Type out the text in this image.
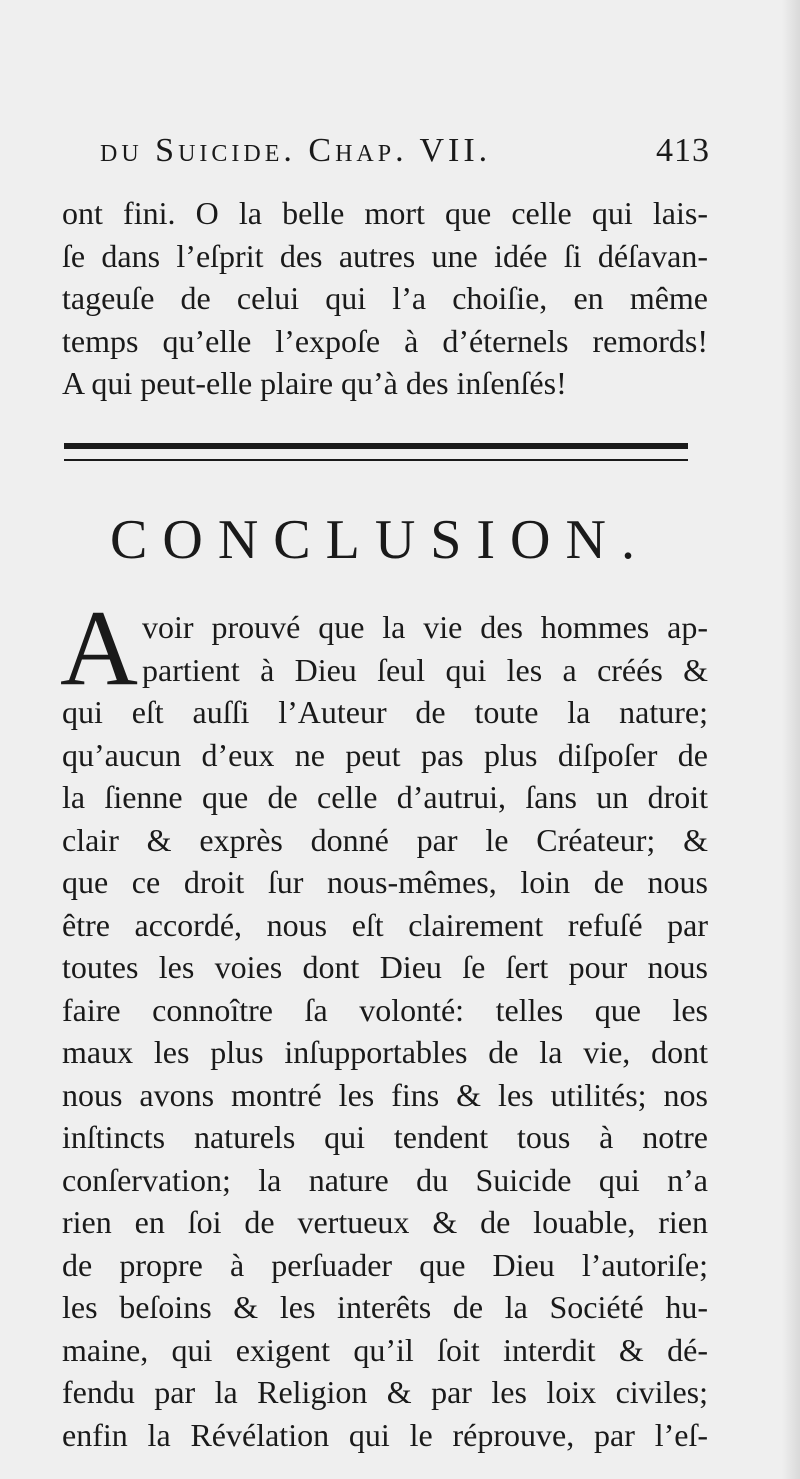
du Suicide. Chap. VII.	413
ont fini. O la belle mort que celle qui lais-
ſe dans l’eſprit des autres une idée ſi déſavan-
tageuſe de celui qui l’a choiſie, en même
temps qu’elle l’expoſe à d’éternels remords!
A qui peut-elle plaire qu’à des inſenſés!
CONCLUSION.
A voir prouvé que la vie des hommes ap-
partient à Dieu ſeul qui les a créés &
qui eſt auſſi l’Auteur de toute la nature;
qu’aucun d’eux ne peut pas plus diſpoſer de
la ſienne que de celle d’autrui, ſans un droit
clair & exprès donné par le Créateur; &
que ce droit ſur nous-mêmes, loin de nous
être accordé, nous eſt clairement refuſé par
toutes les voies dont Dieu ſe ſert pour nous
faire connoître ſa volonté: telles que les
maux les plus inſupportables de la vie, dont
nous avons montré les fins & les utilités; nos
inſtincts naturels qui tendent tous à notre
conſervation; la nature du Suicide qui n’a
rien en ſoi de vertueux & de louable, rien
de propre à perſuader que Dieu l’autoriſe;
les beſoins & les interêts de la Société hu-
maine, qui exigent qu’il ſoit interdit & dé-
fendu par la Religion & par les loix civiles;
enfin la Révélation qui le réprouve, par l’eſ-
